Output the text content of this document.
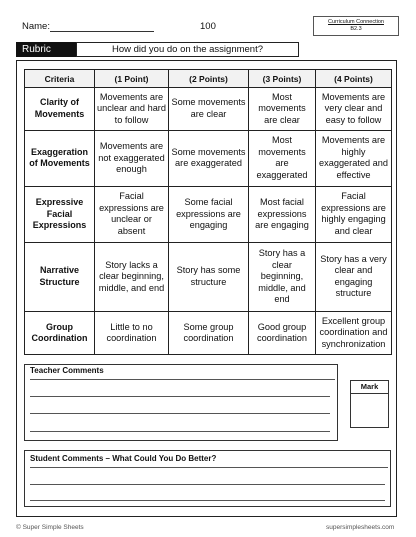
Name:	100	Curriculum Connection
B2.3
Rubric	How did you do on the assignment?
Criteria	(1 Point)	(2 Points)	(3 Points)	(4 Points)
Clarity of Movements	Movements are unclear and hard to follow	Some movements are clear	Most movements are clear	Movements are very clear and easy to follow
Exaggeration of Movements	Movements are not exaggerated enough	Some movements are exaggerated	Most movements are exaggerated	Movements are highly exaggerated and effective
Expressive Facial Expressions	Facial expressions are unclear or absent	Some facial expressions are engaging	Most facial expressions are engaging	Facial expressions are highly engaging and clear
Narrative Structure	Story lacks a clear beginning, middle, and end	Story has some structure	Story has a clear beginning, middle, and end	Story has a very clear and engaging structure
Group Coordination	Little to no coordination	Some group coordination	Good group coordination	Excellent group coordination and synchronization
Teacher Comments
Mark
Student Comments – What Could You Do Better?
© Super Simple Sheets	supersimplesheets.com
